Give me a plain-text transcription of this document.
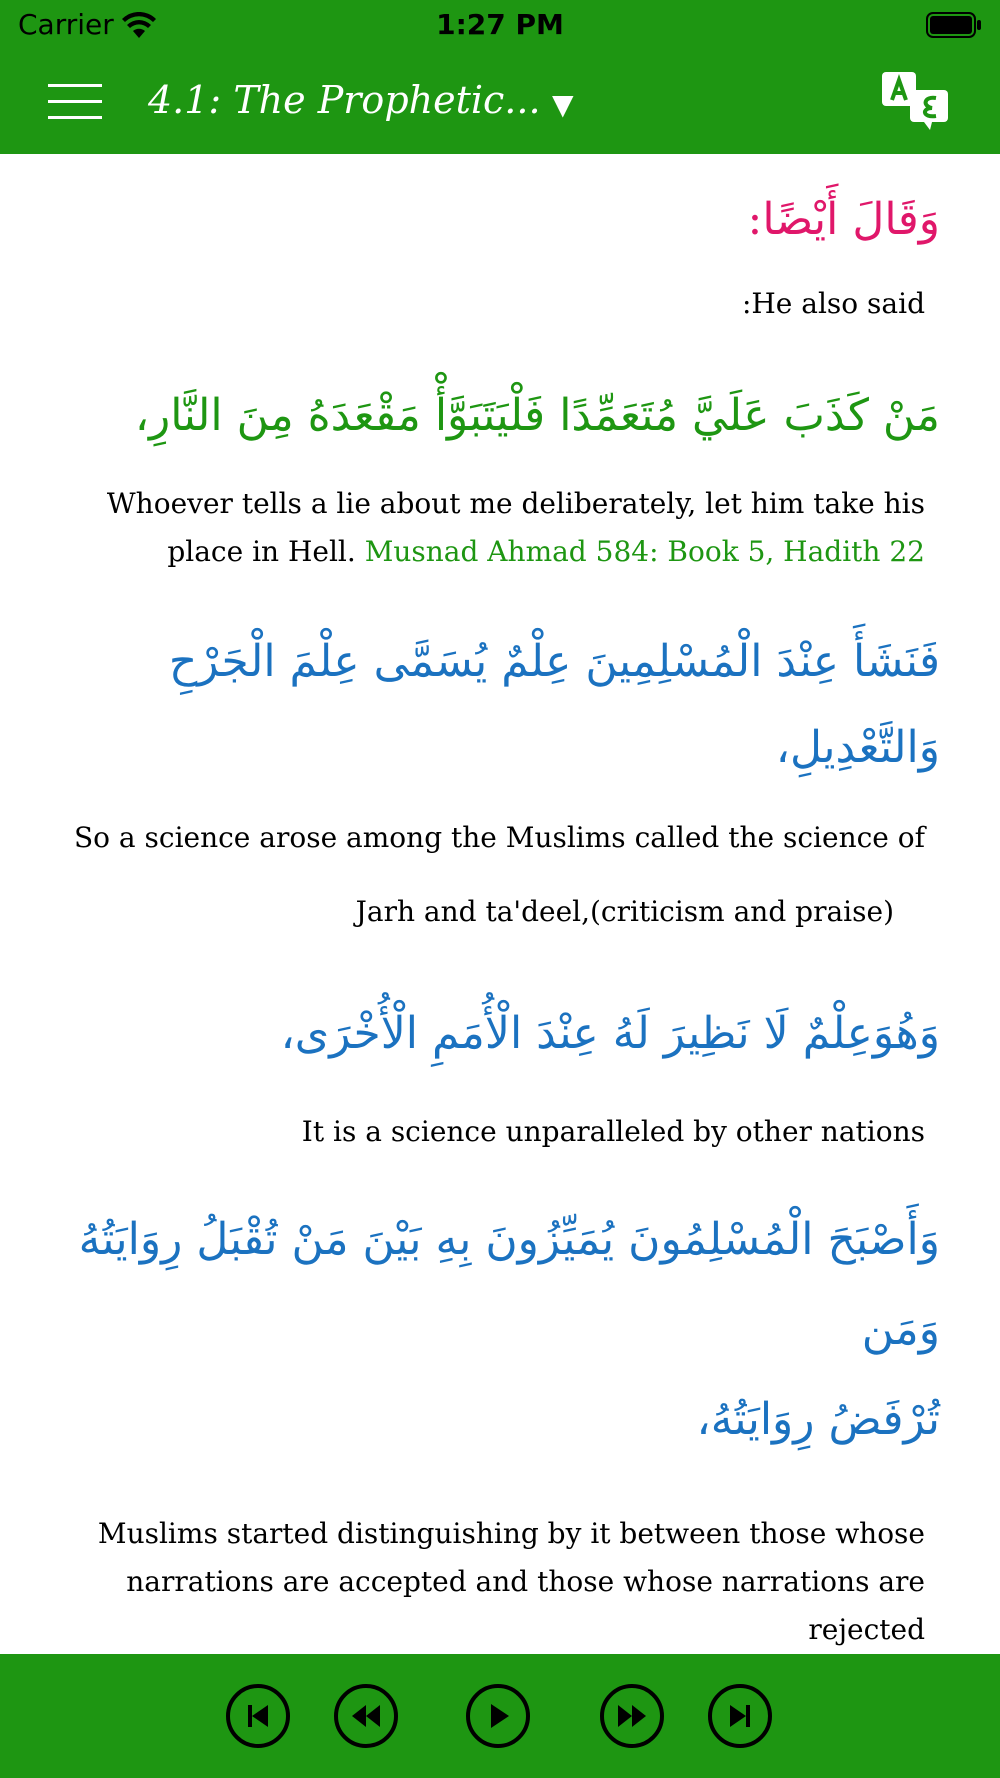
Carrier	1:27 PM
4.1: The Prophetic... ▼
وَقَالَ أَيْضًا:
:He also said
مَنْ كَذَبَ عَلَيَّ مُتَعَمِّدًا فَلْيَتَبَوَّأْ مَقْعَدَهُ مِنَ النَّارِ،
Whoever tells a lie about me deliberately, let him take his place in Hell. Musnad Ahmad 584: Book 5, Hadith 22
فَنَشَأَ عِنْدَ الْمُسْلِمِينَ عِلْمٌ يُسَمَّى عِلْمَ الْجَرْحِ
وَالتَّعْدِيلِ،
So a science arose among the Muslims called the science of
Jarh and ta'deel,(criticism and praise)
وَهُوَعِلْمٌ لَا نَظِيرَ لَهُ عِنْدَ الْأُمَمِ الْأُخْرَى،
It is a science unparalleled by other nations
وَأَصْبَحَ الْمُسْلِمُونَ يُمَيِّزُونَ بِهِ بَيْنَ مَنْ تُقْبَلُ رِوَايَتُهُ
وَمَن
تُرْفَضُ رِوَايَتُهُ،
Muslims started distinguishing by it between those whose
narrations are accepted and those whose narrations are
rejected
